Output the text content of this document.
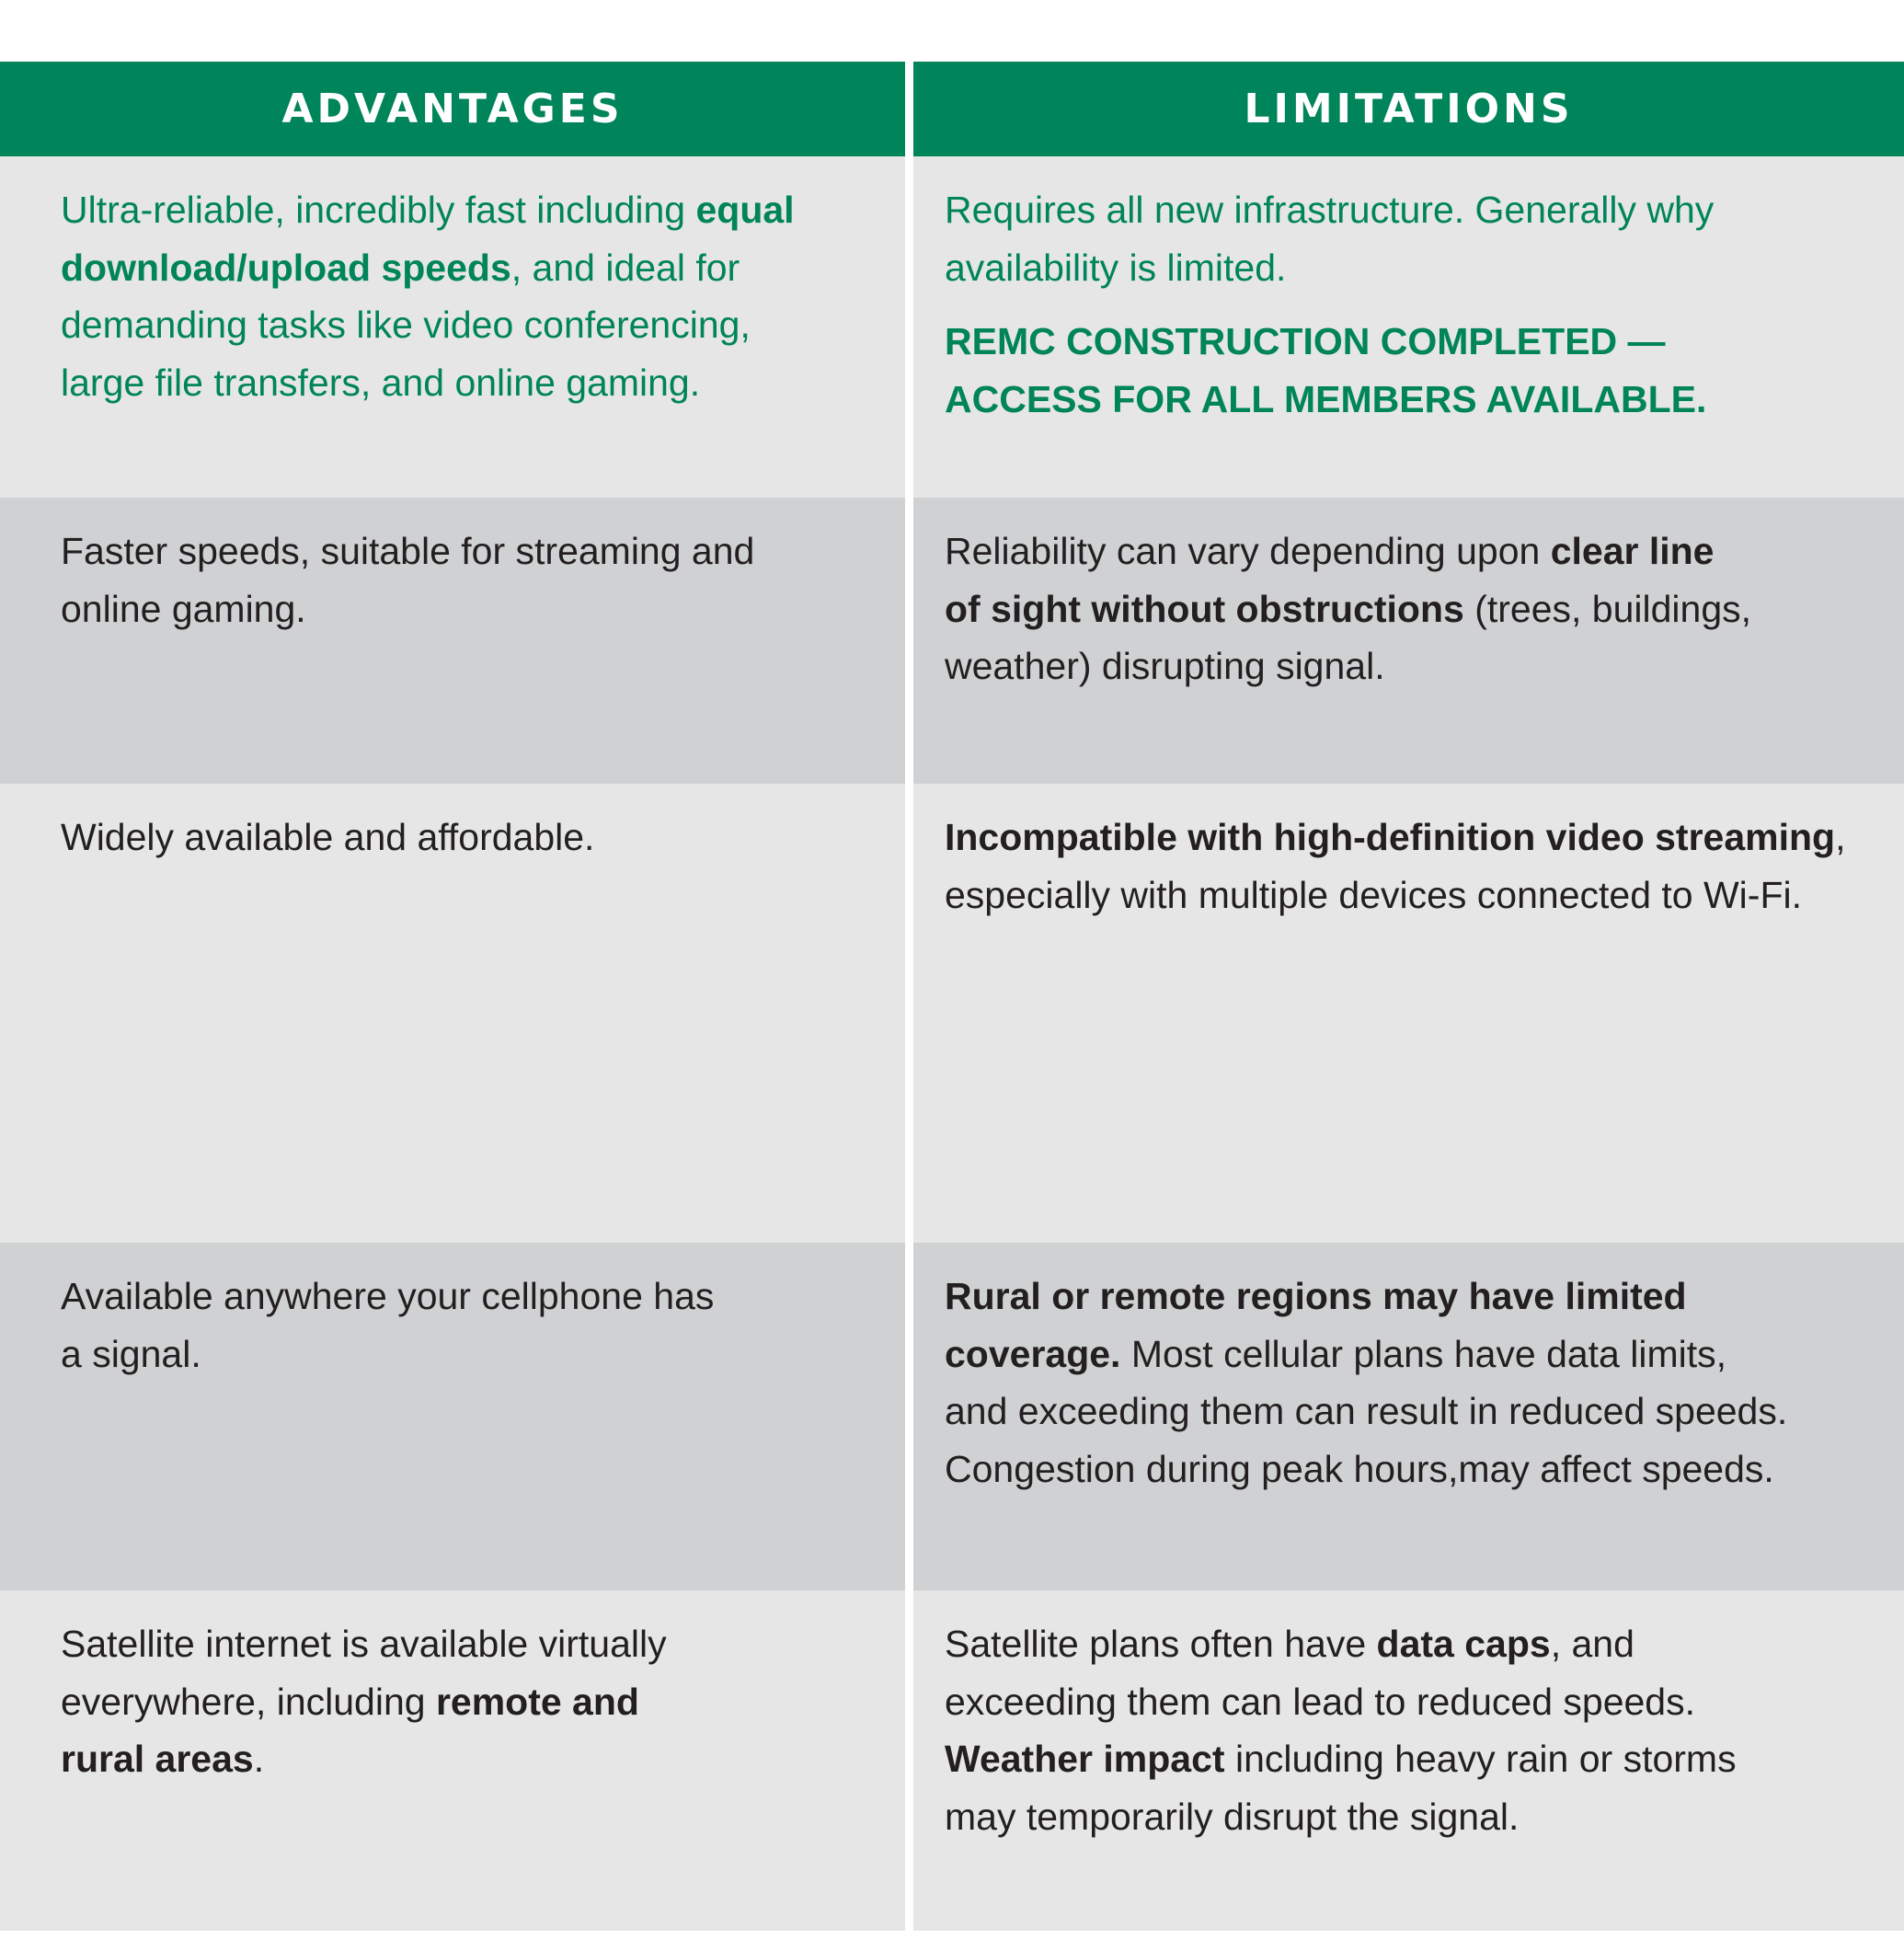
ADVANTAGES	LIMITATIONS

Ultra-reliable, incredibly fast including equal
download/upload speeds, and ideal for
demanding tasks like video conferencing,
large file transfers, and online gaming.

Requires all new infrastructure. Generally why
availability is limited.

REMC CONSTRUCTION COMPLETED —
ACCESS FOR ALL MEMBERS AVAILABLE.

Faster speeds, suitable for streaming and
online gaming.

Reliability can vary depending upon clear line
of sight without obstructions (trees, buildings,
weather) disrupting signal.

Widely available and affordable.	Incompatible with high-definition video streaming,
especially with multiple devices connected to Wi-Fi.

Available anywhere your cellphone has
a signal.

Rural or remote regions may have limited
coverage. Most cellular plans have data limits,
and exceeding them can result in reduced speeds.
Congestion during peak hours,may affect speeds.

Satellite internet is available virtually
everywhere, including remote and
rural areas.

Satellite plans often have data caps, and
exceeding them can lead to reduced speeds.
Weather impact including heavy rain or storms
may temporarily disrupt the signal.
